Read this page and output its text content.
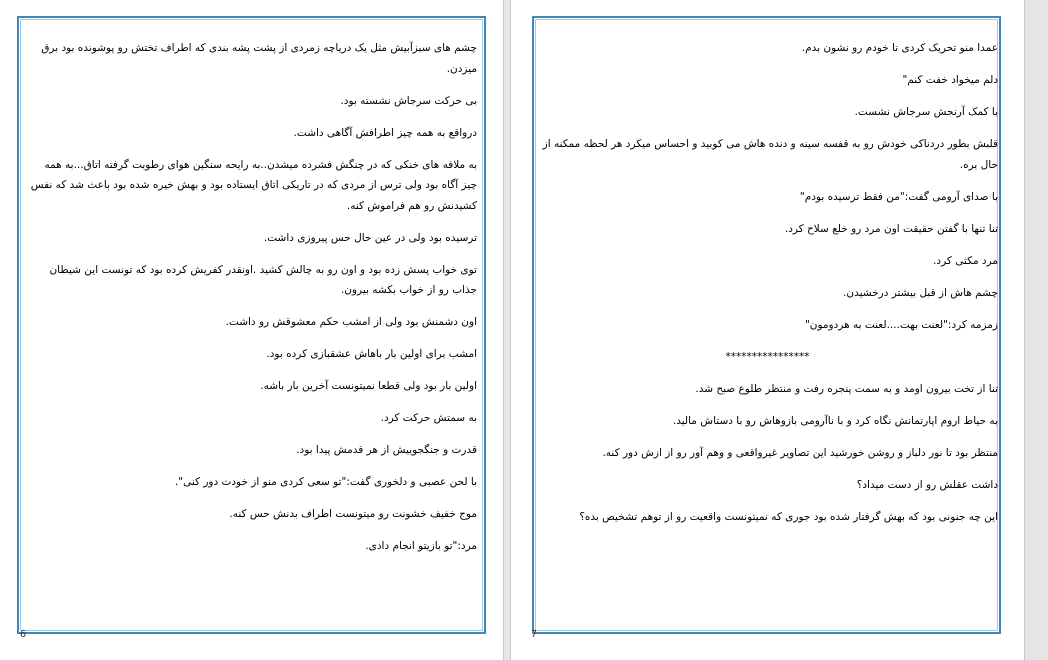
چشم های سبزآبیش مثل یک دریاچه زمردی از پشت پشه بندی که اطراف تختش رو پوشونده بود برق میزدن.

بی حرکت سرجاش نشسته بود.

درواقع به همه چیز اطرافش آگاهی داشت.

به ملافه های خنکی که در چنگش فشرده میشدن..به رایحه سنگین هوای رطوبت گرفته اتاق...به همه چیز آگاه بود ولی ترس از مردی که در تاریکی اتاق ایستاده بود و بهش خیره شده بود باعث شد که نفس کشیدنش رو هم فراموش کنه.

ترسیده بود ولی در عین حال حس پیروزی داشت.

توی خواب پسش زده بود و اون رو به چالش کشید .اونقدر کفریش کرده بود که تونست این شیطان جذاب رو از خواب بکشه بیرون.

اون دشمنش بود ولی از امشب حکم معشوقش رو داشت.

امشب برای اولین بار باهاش عشقبازی کرده بود.

اولین بار بود ولی قطعا نمیتونست آخرین بار باشه.

به سمتش حرکت کرد.

قدرت و جنگجوییش از هر قدمش پیدا بود.

با لحن عصبی و دلخوری گفت:"تو سعی کردی منو از خودت دور کنی".

موج خفیف خشونت رو میتونست اطراف بدنش حس کنه.

مرد:"تو بازیتو انجام دادی.

6

عمدا منو تحریک کردی تا خودم رو نشون بدم.

دلم میخواد خفت کنم"

با کمک آرنجش سرجاش نشست.

قلبش بطور دردناکی خودش رو به قفسه سینه و دنده هاش می کوبید و احساس میکرد هر لحظه ممکنه از حال بره.

با صدای آرومی گفت:"من فقط ترسیده بودم"

تنا تنها با گفتن حقیقت اون مرد رو خلع سلاح کرد.

مرد مکثی کرد.

چشم هاش از قبل بیشتر درخشیدن.

زمزمه کرد:"لعنت بهت....لعنت به هردومون"

****************

تنا از تخت بیرون اومد و به سمت پنجره رفت و منتظر طلوع صبح شد.

به حیاط اروم اپارتمانش نگاه کرد و با ناآرومی بازوهاش رو با دستاش مالید.

منتظر بود تا نور دلباز و روشن خورشید این تصاویر غیرواقعی و وهم آور رو از ازش دور کنه.

داشت عقلش رو از دست میداد؟

این چه جنونی بود که بهش گرفتار شده بود جوری که نمیتونست واقعیت رو از توهم تشخیص بده؟

7
